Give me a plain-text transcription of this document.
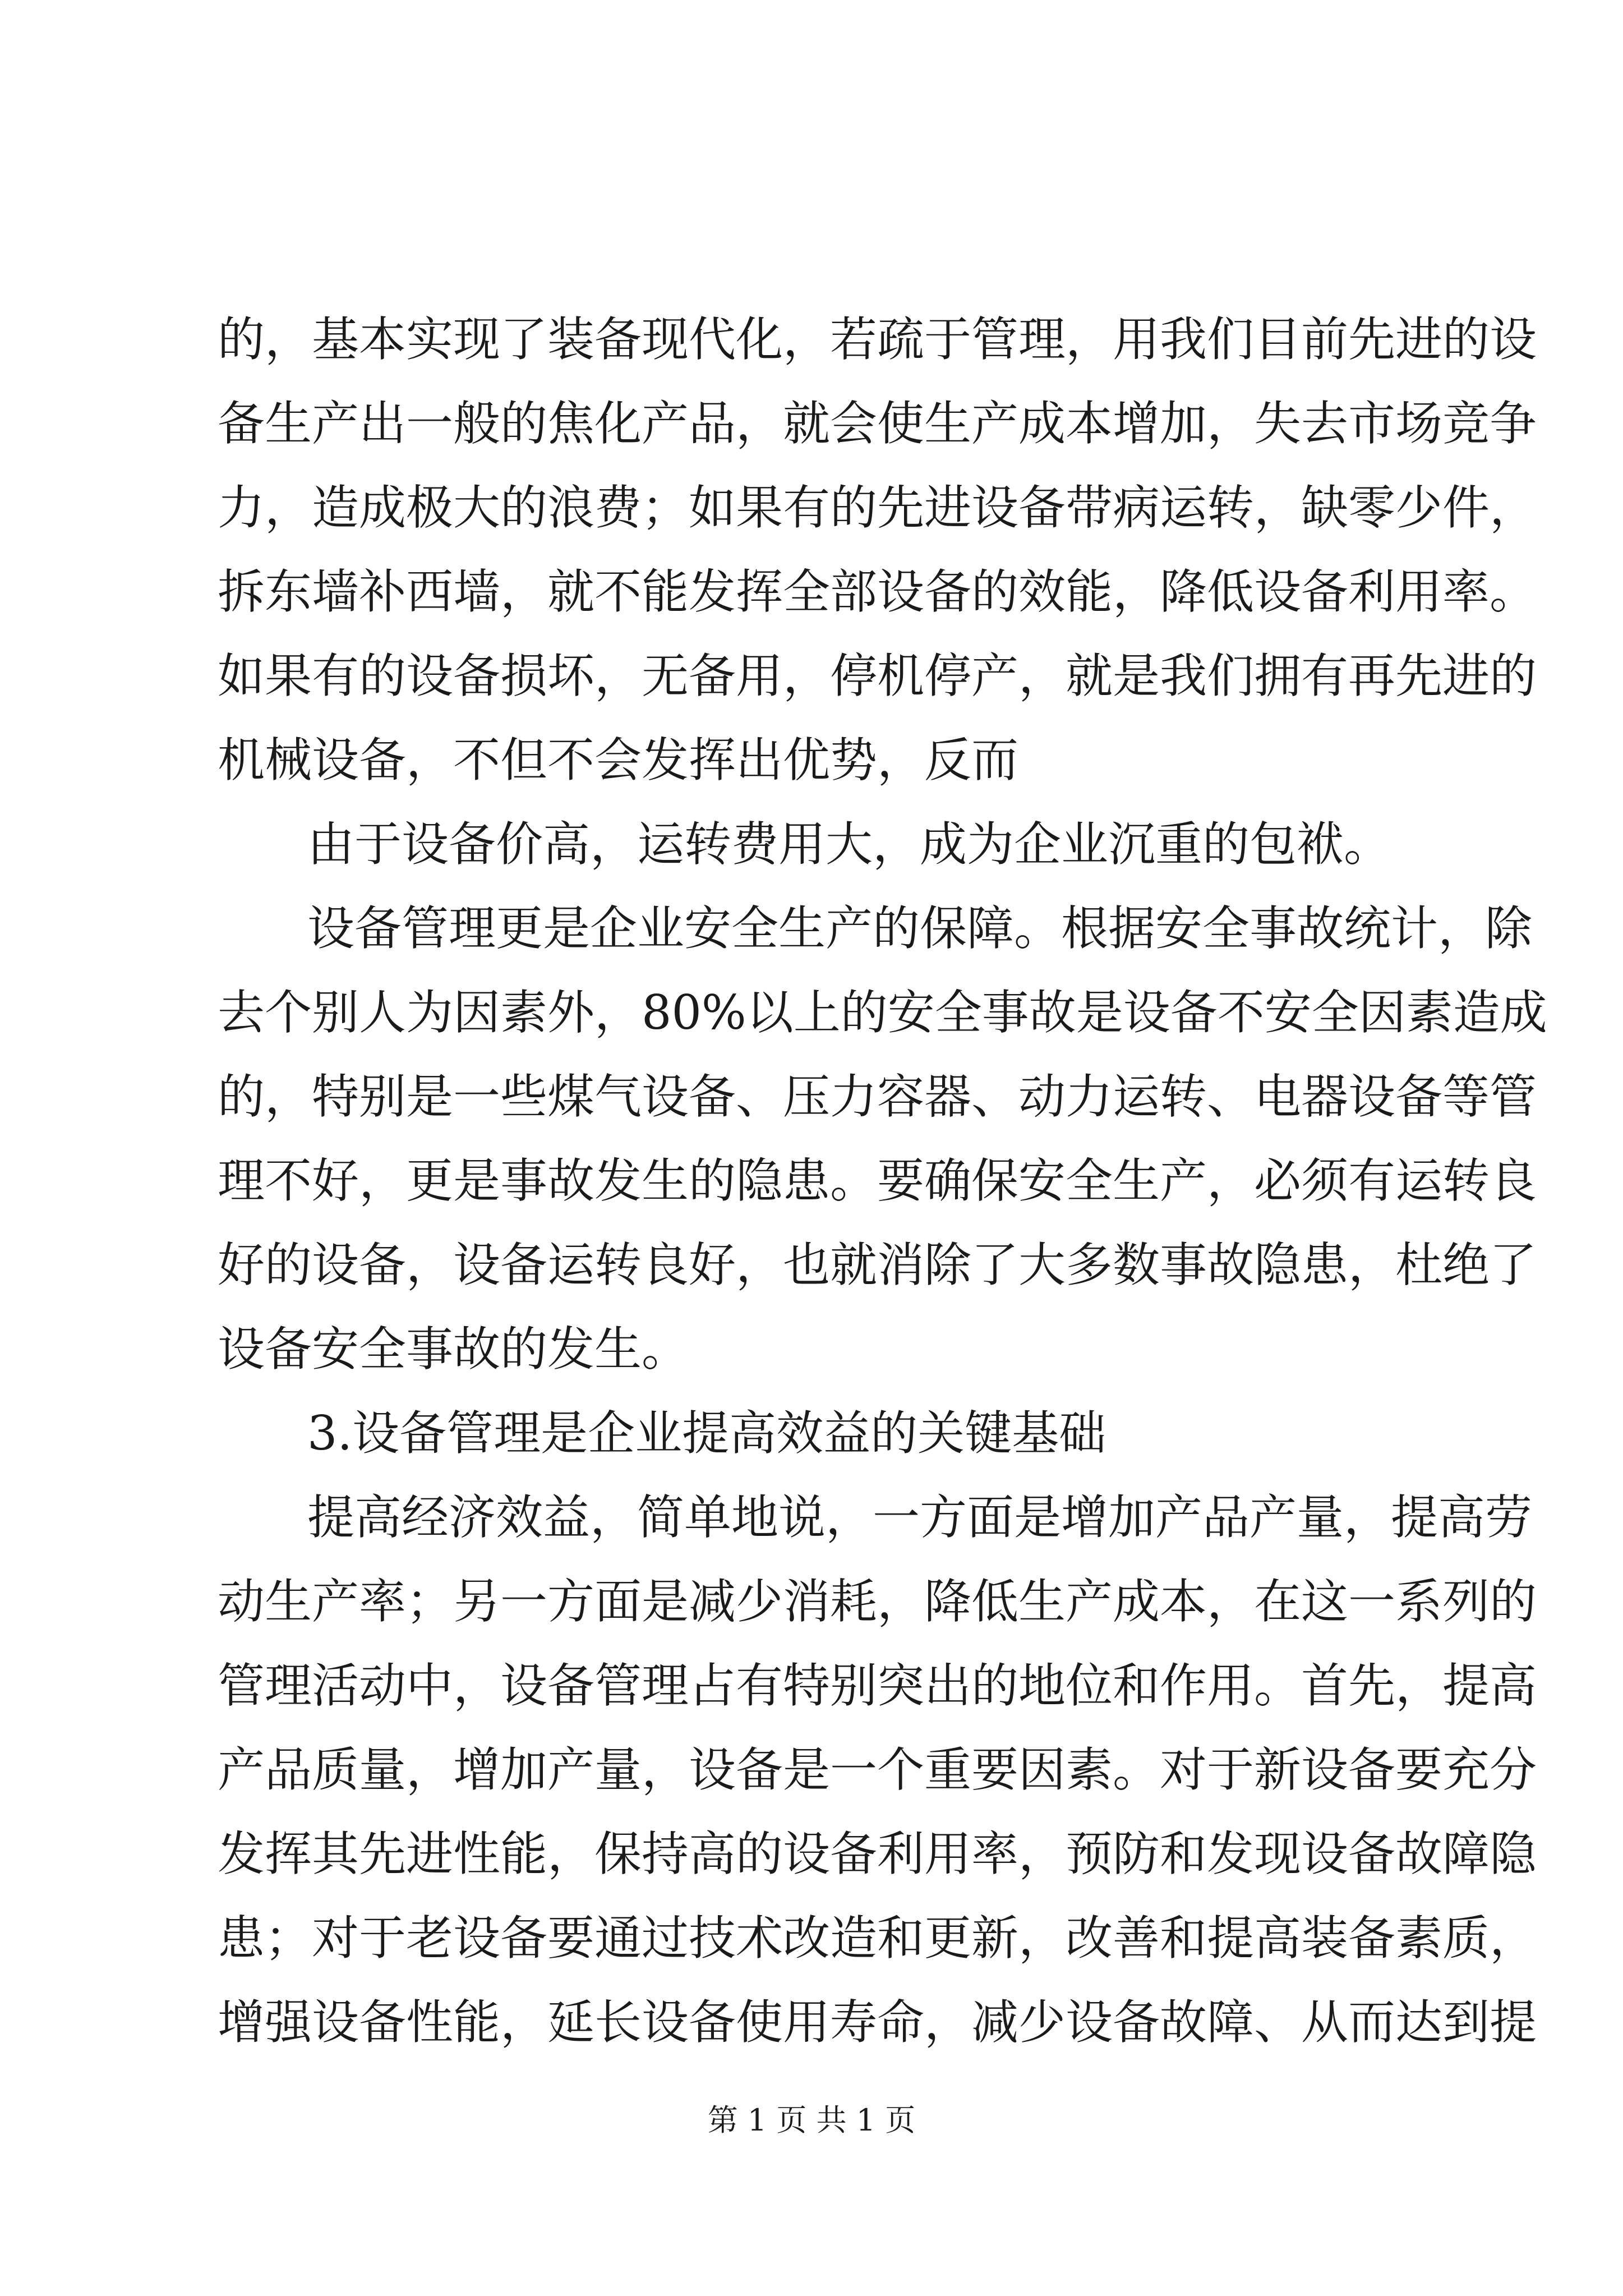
的，基本实现了装备现代化，若疏于管理，用我们目前先进的设
备生产出一般的焦化产品，就会使生产成本增加，失去市场竞争
力，造成极大的浪费；如果有的先进设备带病运转，缺零少件，
拆东墙补西墙，就不能发挥全部设备的效能，降低设备利用率。
如果有的设备损坏，无备用，停机停产，就是我们拥有再先进的
机械设备，不但不会发挥出优势，反而
由于设备价高，运转费用大，成为企业沉重的包袱。
设备管理更是企业安全生产的保障。根据安全事故统计，除
去个别人为因素外，80%以上的安全事故是设备不安全因素造成
的，特别是一些煤气设备、压力容器、动力运转、电器设备等管
理不好，更是事故发生的隐患。要确保安全生产，必须有运转良
好的设备，设备运转良好，也就消除了大多数事故隐患，杜绝了
设备安全事故的发生。
3.设备管理是企业提高效益的关键基础
提高经济效益，简单地说，一方面是增加产品产量，提高劳
动生产率；另一方面是减少消耗，降低生产成本，在这一系列的
管理活动中，设备管理占有特别突出的地位和作用。首先，提高
产品质量，增加产量，设备是一个重要因素。对于新设备要充分
发挥其先进性能，保持高的设备利用率，预防和发现设备故障隐
患；对于老设备要通过技术改造和更新，改善和提高装备素质，
增强设备性能，延长设备使用寿命，减少设备故障、从而达到提
第 1 页 共 1 页
